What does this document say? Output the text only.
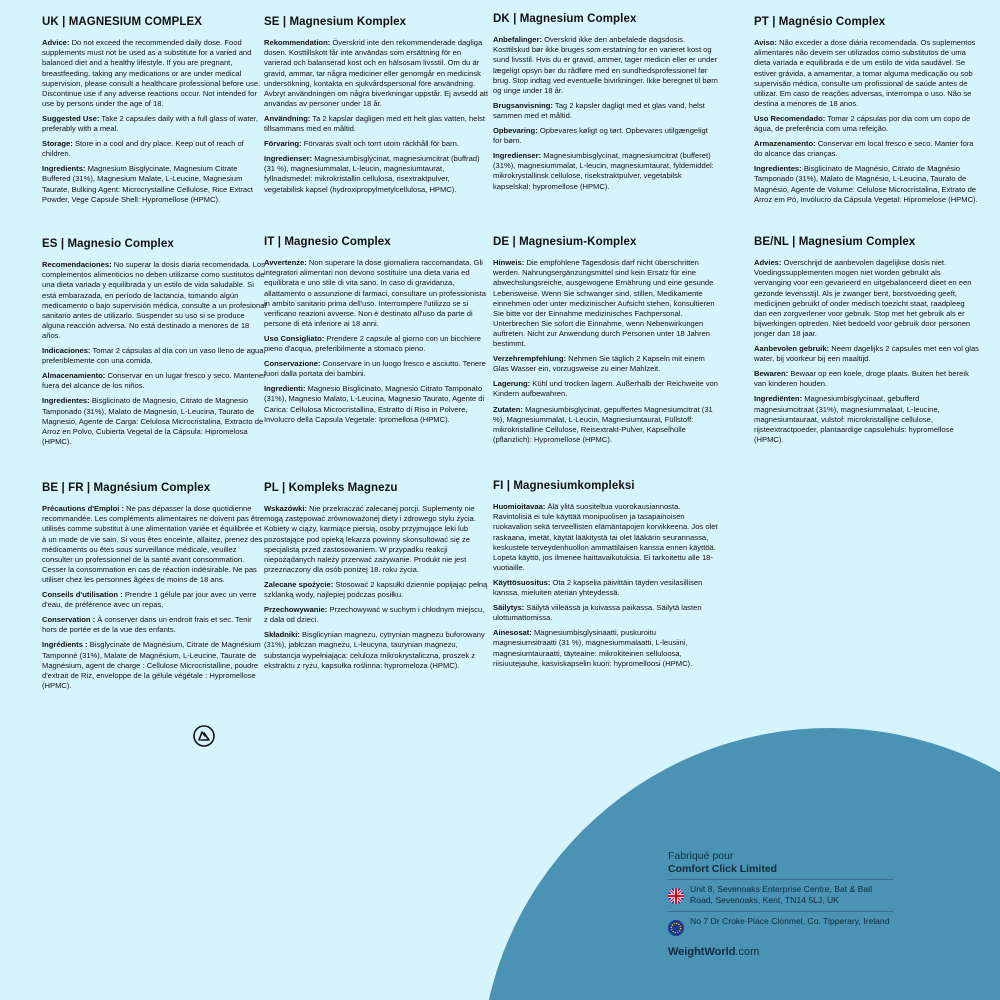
UK | MAGNESIUM COMPLEX

Advice: Do not exceed the recommended daily dose. Food supplements must not be used as a substitute for a varied and balanced diet and a healthy lifestyle. If you are pregnant, breastfeeding, taking any medications or are under medical supervision, please consult a healthcare professional before use. Discontinue use if any adverse reactions occur. Not intended for use by persons under the age of 18.

Suggested Use: Take 2 capsules daily with a full glass of water, preferably with a meal.

Storage: Store in a cool and dry place. Keep out of reach of children.

Ingredients: Magnesium Bisglycinate, Magnesium Citrate Buffered (31%), Magnesium Malate, L-Leucine, Magnesium Taurate, Bulking Agent: Microcrystalline Cellulose, Rice Extract Powder, Vege Capsule Shell: Hypromellose (HPMC).

SE | Magnesium Komplex

Rekommendation: Överskrid inte den rekommenderade dagliga dosen. Kosttillskott får inte användas som ersättning för en varierad och balanserad kost och en hälsosam livsstil. Om du är gravid, ammar, tar några mediciner eller genomgår en medicinsk undersökning, kontakta en sjukvårdspersonal före användning. Avbryt användningen om några biverkningar uppstår. Ej avsedd att användas av personer under 18 år.

Användning: Ta 2 kapslar dagligen med ett helt glas vatten, helst tillsammans med en måltid.

Förvaring: Förvaras svalt och torrt utom räckhåll för barn.

Ingredienser: Magnesiumbisglycinat, magnesiumcitrat (buffrad) (31 %), magnesiummalat, L-leucin, magnesiumtaurat, fyllnadsmedel: mikrokristallin cellulosa, risextraktpulver, vegetabilisk kapsel (hydroxipropylmetylcellulosa, HPMC).

DK | Magnesium Complex

Anbefalinger: Overskrid ikke den anbefalede dagsdosis. Kosttilskud bør ikke bruges som erstatning for en varieret kost og sund livsstil. Hvis du er gravid, ammer, tager medicin eller er under lægeligt opsyn bør du rådføre med en sundhedsprofessionel før brug. Stop indtag ved eventuelle bivirkninger. Ikke beregnet til børn og unge under 18 år.

Brugsanvisning: Tag 2 kapsler dagligt med et glas vand, helst sammen med et måltid.

Opbevaring: Opbevares køligt og tørt. Opbevares utilgængeligt for børn.

Ingredienser: Magnesiumbisglycinat, magnesiumcitrat (bufferet) (31%), magnesiummalat, L-leucin, magnesiumtaurat, fyldemiddel: mikrokrystallinsk cellulose, risekstraktpulver, vegetabilsk kapselskal: hypromellose (HPMC).

PT | Magnésio Complex

Aviso: Não exceder a dose diária recomendada. Os suplementos alimentares não devem ser utilizados como substitutos de uma dieta variada e equilibrada e de um estilo de vida saudável. Se estiver grávida, a amamentar, a tomar alguma medicação ou sob supervisão médica, consulte um profissional de saúde antes de utilizar. Em caso de reações adversas, interrompa o uso. Não se destina a menores de 18 anos.

Uso Recomendado: Tomar 2 cápsulas por dia com um copo de água, de preferência com uma refeição.

Armazenamento: Conservar em local fresco e seco. Manter fora do alcance das crianças.

Ingredientes: Bisglicinato de Magnésio, Citrato de Magnésio Tamponado (31%), Malato de Magnésio, L-Leucina, Taurato de Magnésio, Agente de Volume: Celulose Microcristalina, Extrato de Arroz em Pó, Invólucro da Cápsula Vegetal: Hipromelose (HPMC).

ES | Magnesio Complex

Recomendaciones: No superar la dosis diaria recomendada. Los complementos alimenticios no deben utilizarse como sustitutos de una dieta variada y equilibrada y un estilo de vida saludable. Si está embarazada, en período de lactancia, tomando algún medicamento o bajo supervisión médica, consulte a un profesional sanitario antes de utilizarlo. Suspender su uso si se produce alguna reacción adversa. No está destinado a menores de 18 años.

Indicaciones: Tomar 2 cápsulas al día con un vaso lleno de agua, preferiblemente con una comida.

Almacenamiento: Conservar en un lugar fresco y seco. Mantener fuera del alcance de los niños.

Ingredientes: Bisglicinato de Magnesio, Citrato de Magnesio Tamponado (31%), Malato de Magnesio, L-Leucina, Taurato de Magnesio, Agente de Carga: Celulosa Microcristalina, Extracto de Arroz en Polvo, Cubierta Vegetal de la Cápsula: Hipromelosa (HPMC).

IT | Magnesio Complex

Avvertenze: Non superare la dose giornaliera raccomandata. Gli integratori alimentari non devono sostituire una dieta varia ed equilibrata e uno stile di vita sano. In caso di gravidanza, allattamento o assunzione di farmaci, consultare un professionista in ambito sanitario prima dell'uso. Interrompere l'utilizzo se si verificano reazioni avverse. Non è destinato all'uso da parte di persone di età inferiore ai 18 anni.

Uso Consigliato: Prendere 2 capsule al giorno con un bicchiere pieno d'acqua, preferibilmente a stomaco pieno.

Conservazione: Conservare in un luogo fresco e asciutto. Tenere fuori dalla portata dei bambini.

Ingredienti: Magnesio Bisglicinato, Magnesio Citrato Tamponato (31%), Magnesio Malato, L-Leucina, Magnesio Taurato, Agente di Carica: Cellulosa Microcristallina, Estratto di Riso in Polvere, Involucro della Capsula Vegetale: Ipromellosa (HPMC).

DE | Magnesium-Komplex

Hinweis: Die empfohlene Tagesdosis darf nicht überschritten werden. Nahrungsergänzungsmittel sind kein Ersatz für eine abwechslungsreiche, ausgewogene Ernährung und eine gesunde Lebensweise. Wenn Sie schwanger sind, stillen, Medikamente einnehmen oder unter medizinischer Aufsicht stehen, konsultieren Sie bitte vor der Einnahme medizinisches Fachpersonal. Unterbrechen Sie sofort die Einnahme, wenn Nebenwirkungen auftreten. Nicht zur Anwendung durch Personen unter 18 Jahren bestimmt.

Verzehrempfehlung: Nehmen Sie täglich 2 Kapseln mit einem Glas Wasser ein, vorzugsweise zu einer Mahlzeit.

Lagerung: Kühl und trocken lagern. Außerhalb der Reichweite von Kindern aufbewahren.

Zutaten: Magnesiumbisglycinat, gepuffertes Magnesiumcitrat (31 %), Magnesiummalat, L-Leucin, Magnesiumtaurat, Füllstoff: mikrokristalline Cellulose, Reisextrakt-Pulver, Kapselhülle (pflanzlich): Hypromellose (HPMC).

BE/NL | Magnesium Complex

Advies: Overschrijd de aanbevolen dagelijkse dosis niet. Voedingssupplementen mogen niet worden gebruikt als vervanging voor een gevarieerd en uitgebalanceerd dieet en een gezonde levensstijl. Als je zwanger bent, borstvoeding geeft, medicijnen gebruikt of onder medisch toezicht staat, raadpleeg dan een zorgverlener voor gebruik. Stop met het gebruik als er bijwerkingen optreden. Niet bedoeld voor gebruik door personen jonger dan 18 jaar.

Aanbevolen gebruik: Neem dagelijks 2 capsules met een vol glas water, bij voorkeur bij een maaltijd.

Bewaren: Bewaar op een koele, droge plaats. Buiten het bereik van kinderen houden.

Ingrediënten: Magnesiumbisglycinaat, gebufferd magnesiumcitraat (31%), magnesiummalaat, L-leucine, magnesiumtauraat, vulstof: microkristallijne cellulose, rijsteextractpoeder, plantaardige capsulehuls: hypromellose (HPMC).

BE | FR | Magnésium Complex

Précautions d'Emploi : Ne pas dépasser la dose quotidienne recommandée. Les compléments alimentaires ne doivent pas être utilisés comme substitut à une alimentation variée et équilibrée et à un mode de vie sain. Si vous êtes enceinte, allaitez, prenez des médicaments ou êtes sous surveillance médicale, veuillez consulter un professionnel de la santé avant consommation. Cesser la consommation en cas de réaction indésirable. Ne pas utiliser chez les personnes âgées de moins de 18 ans.

Conseils d'utilisation : Prendre 1 gélule par jour avec un verre d'eau, de préférence avec un repas.

Conservation : À conserver dans un endroit frais et sec. Tenir hors de portée et de la vue des enfants.

Ingrédients : Bisglycinate de Magnésium, Citrate de Magnésium Tamponné (31%), Malate de Magnésium, L-Leucine, Taurate de Magnésium, agent de charge : Cellulose Microcristalline, poudre d'extrait de Riz, enveloppe de la gélule végétale : Hypromellose (HPMC).

PL | Kompleks Magnezu

Wskazówki: Nie przekraczać zalecanej porcji. Suplementy nie mogą zastępować zrównoważonej diety i zdrowego stylu życia. Kobiety w ciąży, karmiące piersią, osoby przyjmujące leki lub pozostające pod opieką lekarza powinny skonsultować się ze specjalistą przed zastosowaniem. W przypadku reakcji niepożądanych należy przerwać zażywanie. Produkt nie jest przeznaczony dla osób poniżej 18. roku życia.

Zalecane spożycie: Stosować 2 kapsułki dziennie popijając pełną szklanką wody, najlepiej podczas posiłku.

Przechowywanie: Przechowywać w suchym i chłodnym miejscu, z dala od dzieci.

Składniki: Bisglicynian magnezu, cytrynian magnezu buforowany (31%), jabłczan magnezu, L-leucyna, taurynian magnezu, substancja wypełniająca: celuloza mikrokrystaliczna, proszek z ekstraktu z ryżu, kapsułka roślinna: hypromeloza (HPMC).

FI | Magnesiumkompleksi

Huomioitavaa: Älä ylitä suositeltua vuorokausiannosta. Ravintolisiä ei tule käyttää monipuolisen ja tasapainoisen ruokavalion sekä terveellisten elämäntapojen korvikkeena. Jos olet raskaana, imetät, käytät lääkitystä tai olet lääkärin seurannassa, keskustele terveydenhuollon ammattilaisen kanssa ennen käyttöä. Lopeta käyttö, jos ilmenee haittavaikutuksia. Ei tarkoitettu alle 18-vuotiaille.

Käyttösuositus: Ota 2 kapselia päivittäin täyden vesilasillisen kanssa, mieluiten aterian yhteydessä.

Säilytys: Säilytä viileässä ja kuivassa paikassa. Säilytä lasten ulottumattomissa.

Ainesosat: Magnesiumbisglysinaatti, puskuroitu magnesiumsitraatti (31 %), magnesiummalaatti, L-leusiini, magnesiumtauraatti, täyteaine: mikrokiteinen selluloosa, riisiuutejauhe, kasviskapselin kuori: hypromelloosi (HPMC).

Fabriqué pour
Comfort Click Limited
Unit 8, Sevenoaks Enterprise Centre, Bat & Ball Road, Sevenoaks, Kent, TN14 5LJ, UK
No 7 Dr Croke Place Clonmel, Co. Tipperary, Ireland
WeightWorld.com
